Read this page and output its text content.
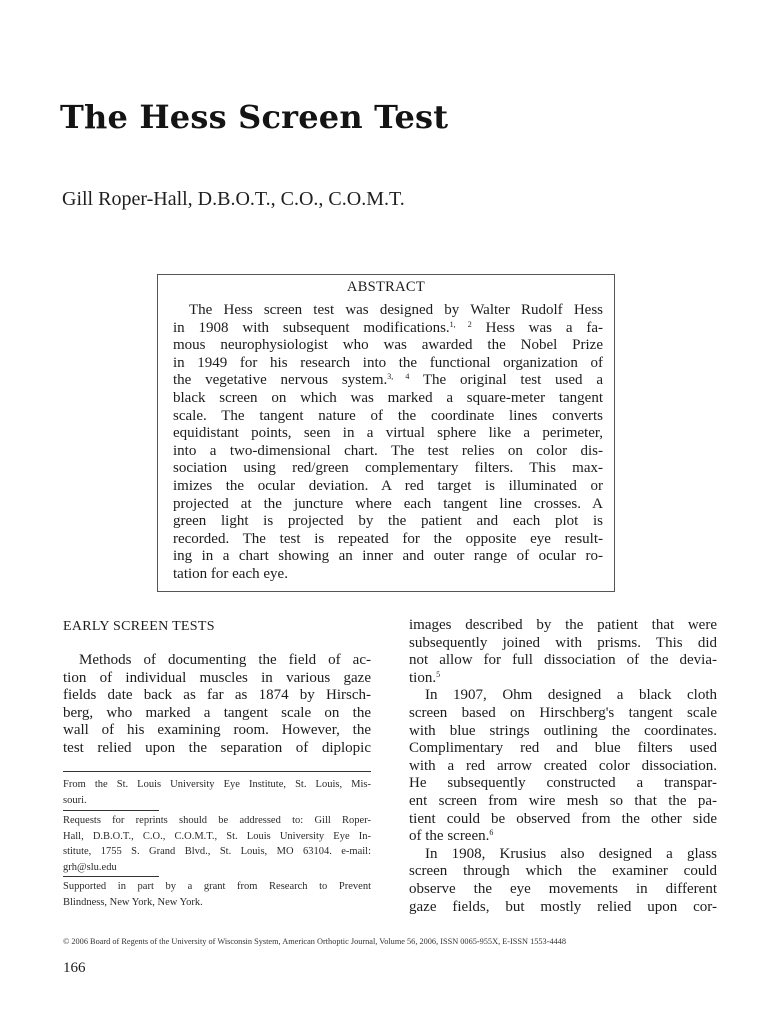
The Hess Screen Test
Gill Roper-Hall, D.B.O.T., C.O., C.O.M.T.
ABSTRACT
The Hess screen test was designed by Walter Rudolf Hess
in 1908 with subsequent modifications.$^{1, 2}$ Hess was a fa-
mous neurophysiologist who was awarded the Nobel Prize
in 1949 for his research into the functional organization of
the vegetative nervous system.$^{3, 4}$ The original test used a
black screen on which was marked a square-meter tangent
scale. The tangent nature of the coordinate lines converts
equidistant points, seen in a virtual sphere like a perimeter,
into a two-dimensional chart. The test relies on color dis-
sociation using red/green complementary filters. This max-
imizes the ocular deviation. A red target is illuminated or
projected at the juncture where each tangent line crosses. A
green light is projected by the patient and each plot is
recorded. The test is repeated for the opposite eye result-
ing in a chart showing an inner and outer range of ocular ro-
tation for each eye.
EARLY SCREEN TESTS
Methods of documenting the field of ac-
tion of individual muscles in various gaze
fields date back as far as 1874 by Hirsch-
berg, who marked a tangent scale on the
wall of his examining room. However, the
test relied upon the separation of diplopic
From the St. Louis University Eye Institute, St. Louis, Mis-
souri.
Requests for reprints should be addressed to: Gill Roper-
Hall, D.B.O.T., C.O., C.O.M.T., St. Louis University Eye In-
stitute, 1755 S. Grand Blvd., St. Louis, MO 63104. e-mail:
grh@slu.edu
Supported in part by a grant from Research to Prevent
Blindness, New York, New York.
images described by the patient that were
subsequently joined with prisms. This did
not allow for full dissociation of the devia-
tion.$^5$
In 1907, Ohm designed a black cloth
screen based on Hirschberg's tangent scale
with blue strings outlining the coordinates.
Complimentary red and blue filters used
with a red arrow created color dissociation.
He subsequently constructed a transpar-
ent screen from wire mesh so that the pa-
tient could be observed from the other side
of the screen.$^6$
In 1908, Krusius also designed a glass
screen through which the examiner could
observe the eye movements in different
gaze fields, but mostly relied upon cor-
© 2006 Board of Regents of the University of Wisconsin System, American Orthoptic Journal, Volume 56, 2006, ISSN 0065-955X, E-ISSN 1553-4448
166
